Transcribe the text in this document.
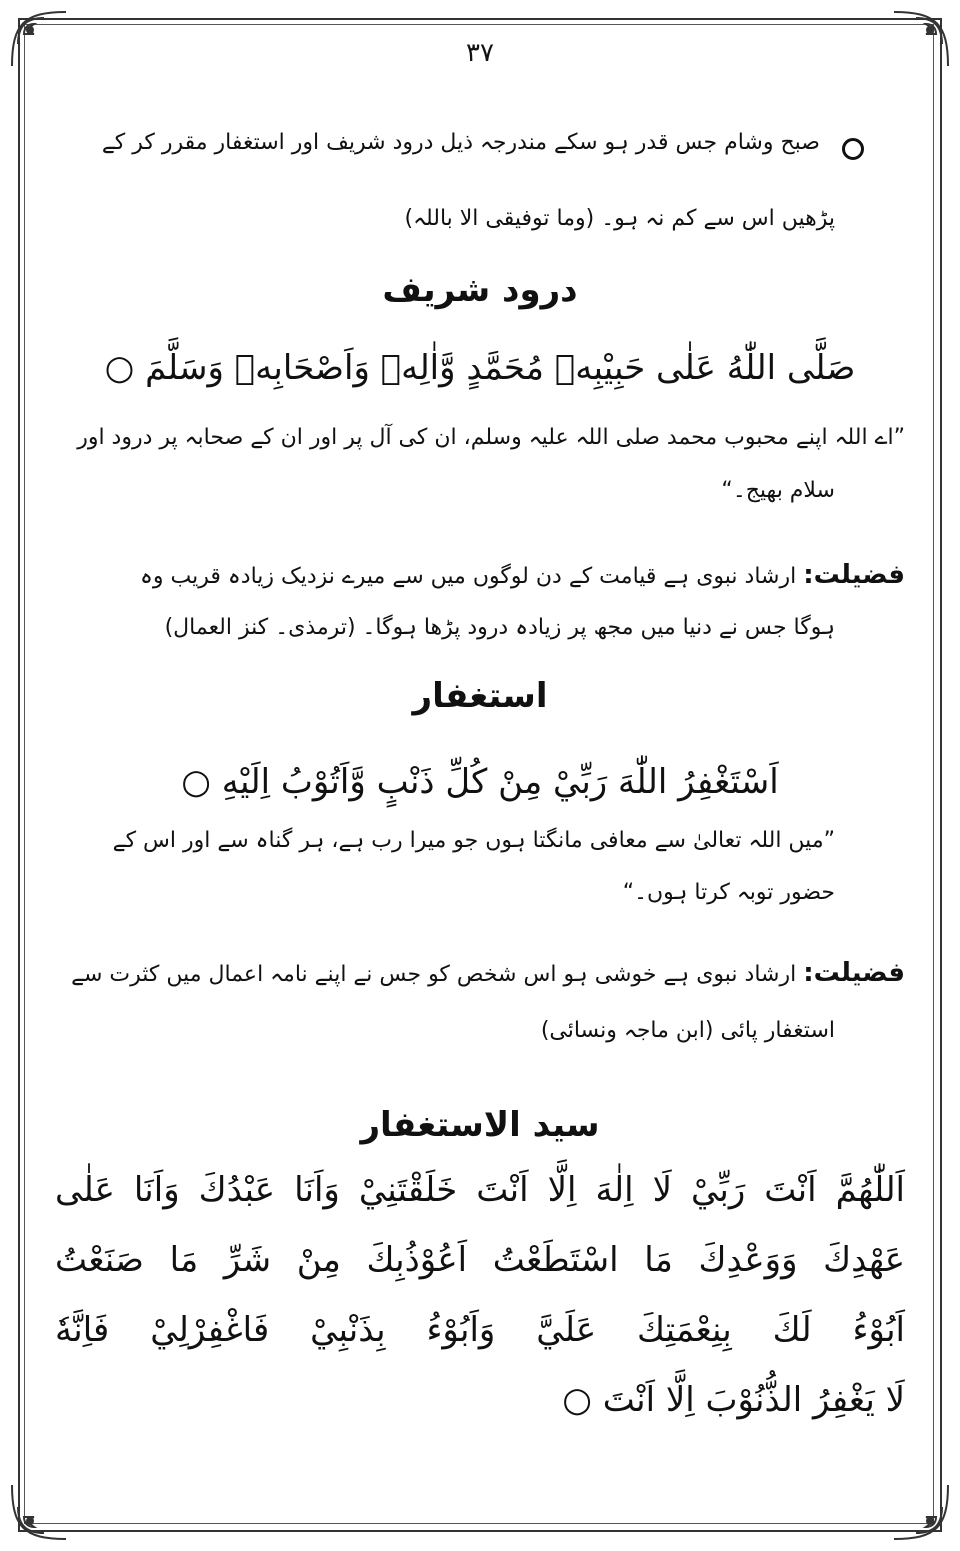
۳۷
صبح وشام جس قدر ہو سکے مندرجہ ذیل درود شریف اور استغفار مقرر کر کے
پڑھیں اس سے کم نہ ہو۔ (وما توفیقی الا باللہ)
درود شریف
صَلَّى اللّٰهُ عَلٰى حَبِيْبِهٖ مُحَمَّدٍ وَّاٰلِهٖ وَاَصْحَابِهٖ وَسَلَّمَ ○
”اے اللہ اپنے محبوب محمد صلی اللہ علیہ وسلم، ان کی آل پر اور ان کے صحابہ پر درود اور
سلام بھیج۔“
فضیلت: ارشاد نبوی ہے قیامت کے دن لوگوں میں سے میرے نزدیک زیادہ قریب وہ
ہوگا جس نے دنیا میں مجھ پر زیادہ درود پڑھا ہوگا۔ (ترمذی۔ کنز العمال)
استغفار
اَسْتَغْفِرُ اللّٰهَ رَبِّيْ مِنْ كُلِّ ذَنْبٍ وَّاَتُوْبُ اِلَيْهِ ○
”میں اللہ تعالیٰ سے معافی مانگتا ہوں جو میرا رب ہے، ہر گناہ سے اور اس کے
حضور توبہ کرتا ہوں۔“
فضیلت: ارشاد نبوی ہے خوشی ہو اس شخص کو جس نے اپنے نامہ اعمال میں کثرت سے
استغفار پائی (ابن ماجہ ونسائی)
سید الاستغفار
اَللّٰهُمَّ اَنْتَ رَبِّيْ لَا اِلٰهَ اِلَّا اَنْتَ خَلَقْتَنِيْ وَاَنَا عَبْدُكَ وَاَنَا عَلٰى
عَهْدِكَ وَوَعْدِكَ مَا اسْتَطَعْتُ اَعُوْذُبِكَ مِنْ شَرِّ مَا صَنَعْتُ
اَبُوْءُ لَكَ بِنِعْمَتِكَ عَلَيَّ وَاَبُوْءُ بِذَنْبِيْ فَاغْفِرْلِيْ فَاِنَّهٗ
لَا يَغْفِرُ الذُّنُوْبَ اِلَّا اَنْتَ ○
